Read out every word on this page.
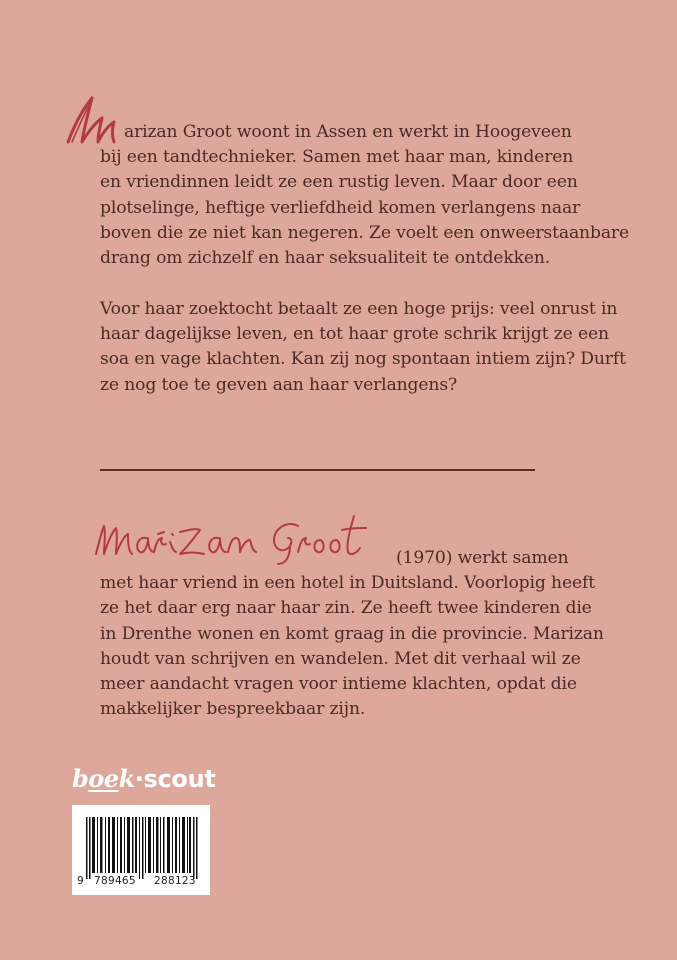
arizan Groot woont in Assen en werkt in Hoogeveen
bij een tandtechnieker. Samen met haar man, kinderen
en vriendinnen leidt ze een rustig leven. Maar door een
plotselinge, heftige verliefdheid komen verlangens naar
boven die ze niet kan negeren. Ze voelt een onweerstaanbare
drang om zichzelf en haar seksualiteit te ontdekken.
Voor haar zoektocht betaalt ze een hoge prijs: veel onrust in
haar dagelijkse leven, en tot haar grote schrik krijgt ze een
soa en vage klachten. Kan zij nog spontaan intiem zijn? Durft
ze nog toe te geven aan haar verlangens?
(1970) werkt samen
met haar vriend in een hotel in Duitsland. Voorlopig heeft
ze het daar erg naar haar zin. Ze heeft twee kinderen die
in Drenthe wonen en komt graag in die provincie. Marizan
houdt van schrijven en wandelen. Met dit verhaal wil ze
meer aandacht vragen voor intieme klachten, opdat die
makkelijker bespreekbaar zijn.
boek·scout
9 789465 288123
